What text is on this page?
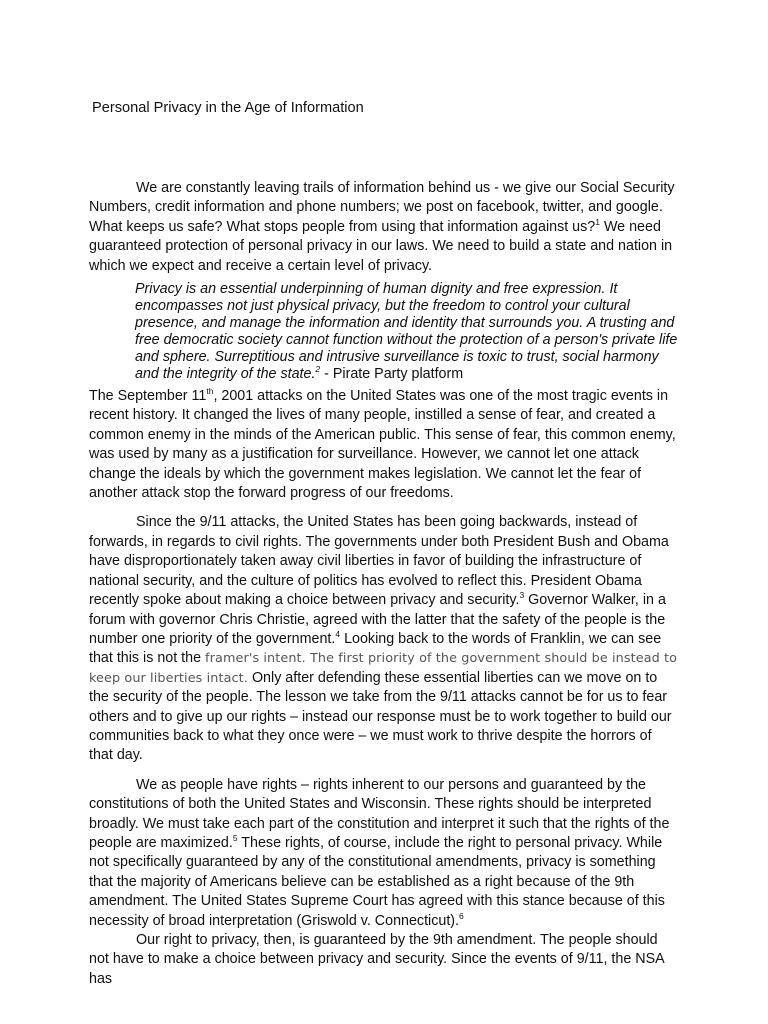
Personal Privacy in the Age of Information

We are constantly leaving trails of information behind us - we give our Social Security Numbers, credit information and phone numbers; we post on facebook, twitter, and google. What keeps us safe? What stops people from using that information against us?$^1$ We need guaranteed protection of personal privacy in our laws. We need to build a state and nation in which we expect and receive a certain level of privacy.

Privacy is an essential underpinning of human dignity and free expression. It encompasses not just physical privacy, but the freedom to control your cultural presence, and manage the information and identity that surrounds you. A trusting and free democratic society cannot function without the protection of a person's private life and sphere. Surreptitious and intrusive surveillance is toxic to trust, social harmony and the integrity of the state.$^2$ - Pirate Party platform

The September 11th, 2001 attacks on the United States was one of the most tragic events in recent history. It changed the lives of many people, instilled a sense of fear, and created a common enemy in the minds of the American public. This sense of fear, this common enemy, was used by many as a justification for surveillance. However, we cannot let one attack change the ideals by which the government makes legislation. We cannot let the fear of another attack stop the forward progress of our freedoms.

Since the 9/11 attacks, the United States has been going backwards, instead of forwards, in regards to civil rights. The governments under both President Bush and Obama have disproportionately taken away civil liberties in favor of building the infrastructure of national security, and the culture of politics has evolved to reflect this. President Obama recently spoke about making a choice between privacy and security.$^3$ Governor Walker, in a forum with governor Chris Christie, agreed with the latter that the safety of the people is the number one priority of the government.$^4$ Looking back to the words of Franklin, we can see that this is not the framer's intent. The first priority of the government should be instead to keep our liberties intact. Only after defending these essential liberties can we move on to the security of the people. The lesson we take from the 9/11 attacks cannot be for us to fear others and to give up our rights – instead our response must be to work together to build our communities back to what they once were – we must work to thrive despite the horrors of that day.

We as people have rights – rights inherent to our persons and guaranteed by the constitutions of both the United States and Wisconsin. These rights should be interpreted broadly. We must take each part of the constitution and interpret it such that the rights of the people are maximized.$^5$ These rights, of course, include the right to personal privacy. While not specifically guaranteed by any of the constitutional amendments, privacy is something that the majority of Americans believe can be established as a right because of the 9th amendment. The United States Supreme Court has agreed with this stance because of this necessity of broad interpretation (Griswold v. Connecticut).$^6$

Our right to privacy, then, is guaranteed by the 9th amendment. The people should not have to make a choice between privacy and security. Since the events of 9/11, the NSA has
